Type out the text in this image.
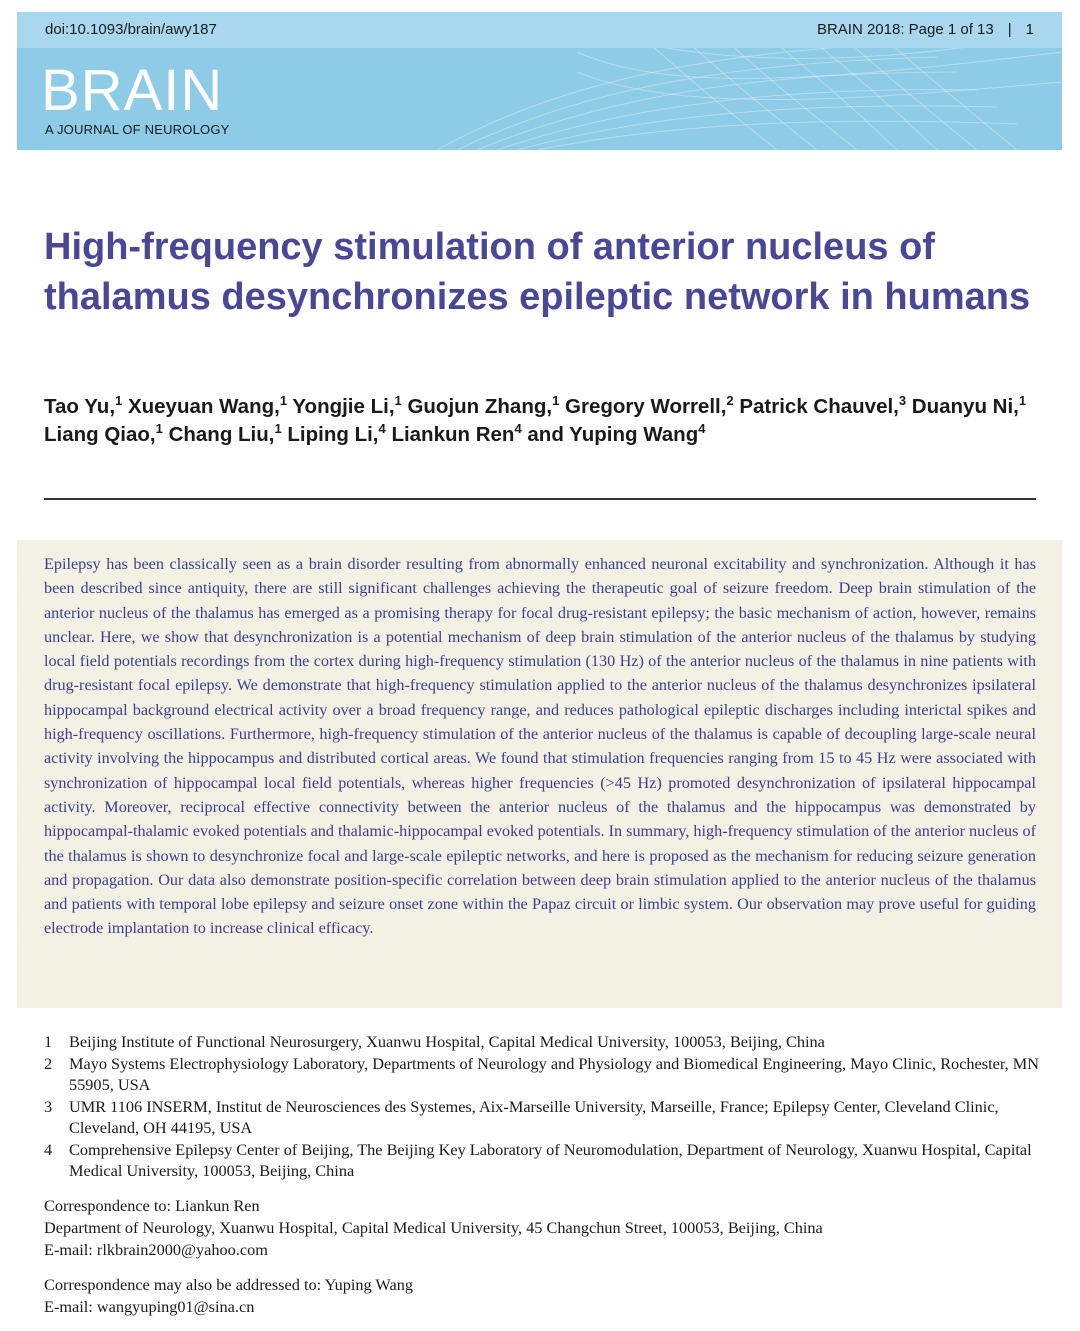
doi:10.1093/brain/awy187	BRAIN 2018: Page 1 of 13 | 1
BRAIN
A JOURNAL OF NEUROLOGY
High-frequency stimulation of anterior nucleus of thalamus desynchronizes epileptic network in humans
Tao Yu,$^1$ Xueyuan Wang,$^1$ Yongjie Li,$^1$ Guojun Zhang,$^1$ Gregory Worrell,$^2$ Patrick Chauvel,$^3$ Duanyu Ni,$^1$ Liang Qiao,$^1$ Chang Liu,$^1$ Liping Li,$^4$ Liankun Ren$^4$ and Yuping Wang$^4$

Epilepsy has been classically seen as a brain disorder resulting from abnormally enhanced neuronal excitability and synchronization. Although it has been described since antiquity, there are still significant challenges achieving the therapeutic goal of seizure freedom. Deep brain stimulation of the anterior nucleus of the thalamus has emerged as a promising therapy for focal drug-resistant epilepsy; the basic mechanism of action, however, remains unclear. Here, we show that desynchronization is a potential mechanism of deep brain stimulation of the anterior nucleus of the thalamus by studying local field potentials recordings from the cortex during high-frequency stimulation (130 Hz) of the anterior nucleus of the thalamus in nine patients with drug-resistant focal epilepsy. We demonstrate that high-frequency stimulation applied to the anterior nucleus of the thalamus desynchronizes ipsilateral hippocampal background electrical activity over a broad frequency range, and reduces pathological epileptic discharges including interictal spikes and high-frequency oscillations. Furthermore, high-frequency stimulation of the anterior nucleus of the thalamus is capable of decoupling large-scale neural activity involving the hippocampus and distributed cortical areas. We found that stimulation frequencies ranging from 15 to 45 Hz were associated with synchronization of hippocampal local field potentials, whereas higher frequencies (>45 Hz) promoted desynchronization of ipsilateral hippocampal activity. Moreover, reciprocal effective connectivity between the anterior nucleus of the thalamus and the hippocampus was demonstrated by hippocampal-thalamic evoked potentials and thalamic-hippocampal evoked potentials. In summary, high-frequency stimulation of the anterior nucleus of the thalamus is shown to desynchronize focal and large-scale epileptic networks, and here is proposed as the mechanism for reducing seizure generation and propagation. Our data also demonstrate position-specific correlation between deep brain stimulation applied to the anterior nucleus of the thalamus and patients with temporal lobe epilepsy and seizure onset zone within the Papaz circuit or limbic system. Our observation may prove useful for guiding electrode implantation to increase clinical efficacy.

1	Beijing Institute of Functional Neurosurgery, Xuanwu Hospital, Capital Medical University, 100053, Beijing, China
2	Mayo Systems Electrophysiology Laboratory, Departments of Neurology and Physiology and Biomedical Engineering, Mayo Clinic, Rochester, MN 55905, USA
3	UMR 1106 INSERM, Institut de Neurosciences des Systemes, Aix-Marseille University, Marseille, France; Epilepsy Center, Cleveland Clinic, Cleveland, OH 44195, USA
4	Comprehensive Epilepsy Center of Beijing, The Beijing Key Laboratory of Neuromodulation, Department of Neurology, Xuanwu Hospital, Capital Medical University, 100053, Beijing, China
Correspondence to: Liankun Ren
Department of Neurology, Xuanwu Hospital, Capital Medical University, 45 Changchun Street, 100053, Beijing, China
E-mail: rlkbrain2000@yahoo.com
Correspondence may also be addressed to: Yuping Wang
E-mail: wangyuping01@sina.cn
